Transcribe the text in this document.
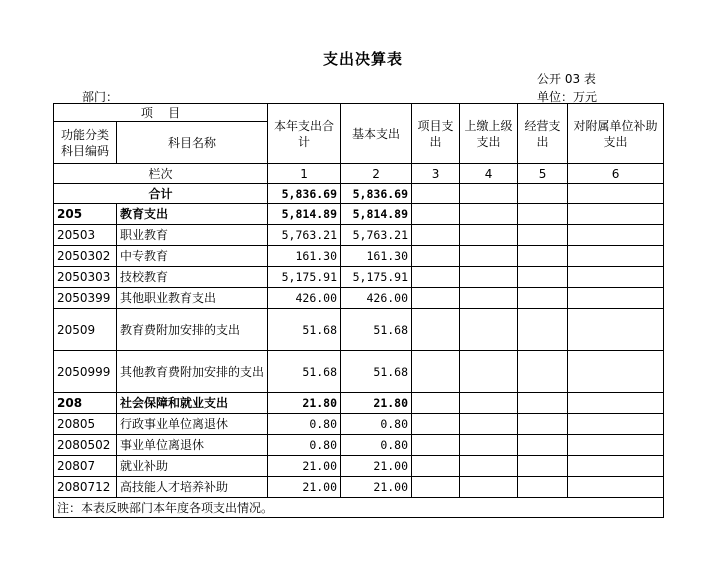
支出决算表
公开 03 表
部门：	单位：万元
项    目		本年支出合计	基本支出	项目支出	上缴上级支出	经营支出	对附属单位补助支出
功能分类科目编码	科目名称						
栏次		1	2	3	4	5	6
合计		5,836.69	5,836.69				
205	教育支出	5,814.89	5,814.89				
20503	职业教育	5,763.21	5,763.21				
2050302	中专教育	161.30	161.30				
2050303	技校教育	5,175.91	5,175.91				
2050399	其他职业教育支出	426.00	426.00				
20509	教育费附加安排的支出	51.68	51.68				
2050999	其他教育费附加安排的支出	51.68	51.68				
208	社会保障和就业支出	21.80	21.80				
20805	行政事业单位离退休	0.80	0.80				
2080502	事业单位离退休	0.80	0.80				
20807	就业补助	21.00	21.00				
2080712	高技能人才培养补助	21.00	21.00				
注：本表反映部门本年度各项支出情况。							
